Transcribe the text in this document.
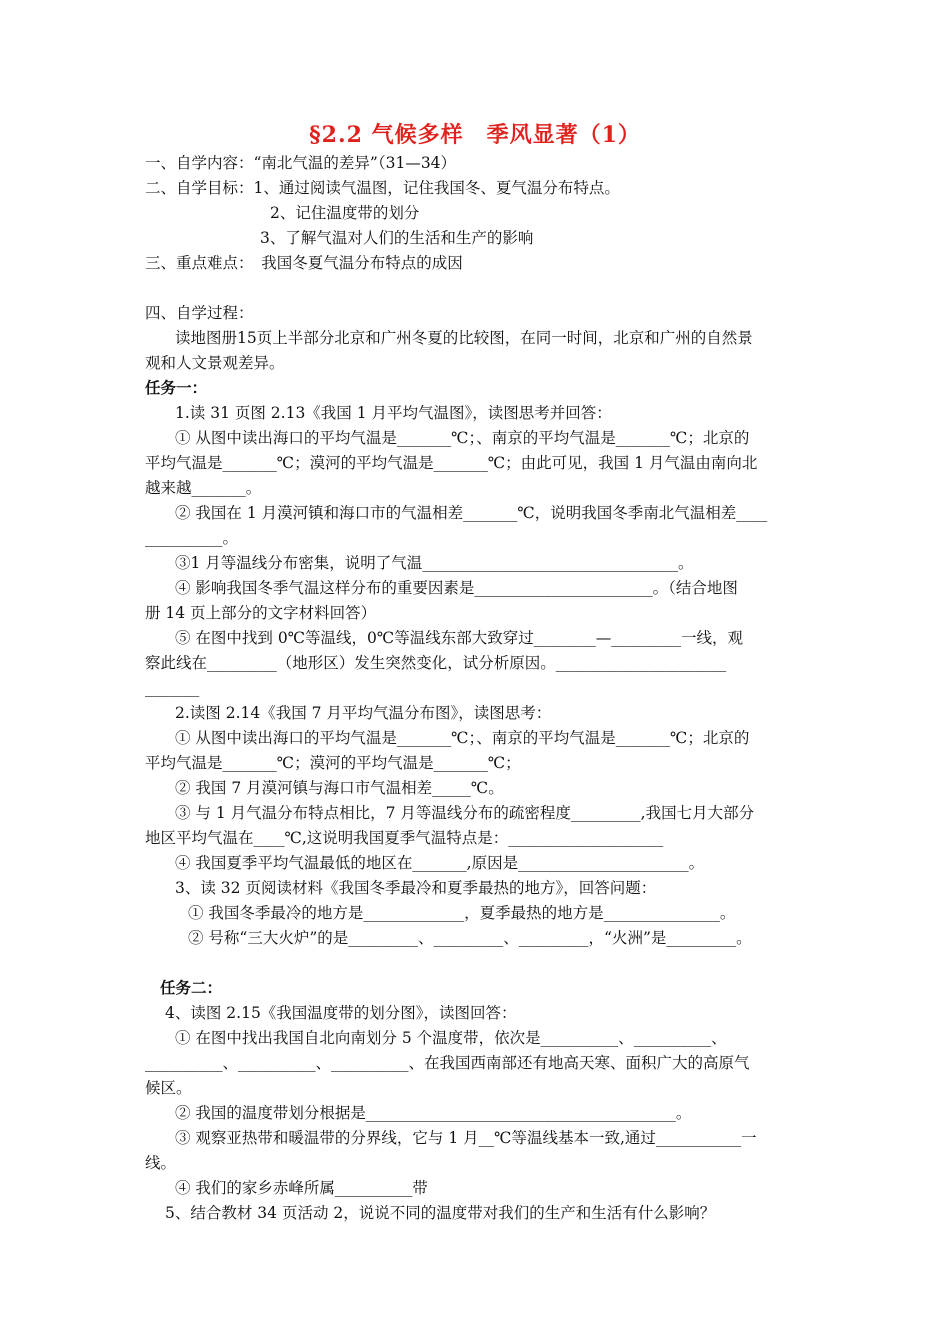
§2.2 气候多样　季风显著（1）
一、自学内容：“南北气温的差异”（31—34）
二、自学目标：1、通过阅读气温图，记住我国冬、夏气温分布特点。
2、记住温度带的划分
3、了解气温对人们的生活和生产的影响
三、重点难点：　我国冬夏气温分布特点的成因
四、自学过程：
读地图册15页上半部分北京和广州冬夏的比较图，在同一时间，北京和广州的自然景
观和人文景观差异。
任务一：
1.读 31 页图 2.13《我国 1 月平均气温图》，读图思考并回答：
① 从图中读出海口的平均气温是_______℃；、南京的平均气温是_______℃；北京的
平均气温是_______℃；漠河的平均气温是_______℃；由此可见，我国 1 月气温由南向北
越来越_______。
② 我国在 1 月漠河镇和海口市的气温相差_______℃，说明我国冬季南北气温相差____
__________。
③1 月等温线分布密集，说明了气温_________________________________。
④ 影响我国冬季气温这样分布的重要因素是_______________________。（结合地图
册 14 页上部分的文字材料回答）
⑤ 在图中找到 0℃等温线，0℃等温线东部大致穿过________—_________一线，观
察此线在_________（地形区）发生突然变化，试分析原因。______________________
_______
2.读图 2.14《我国 7 月平均气温分布图》，读图思考：
① 从图中读出海口的平均气温是_______℃；、南京的平均气温是_______℃；北京的
平均气温是_______℃；漠河的平均气温是_______℃；
② 我国 7 月漠河镇与海口市气温相差_____℃。
③ 与 1 月气温分布特点相比，7 月等温线分布的疏密程度_________,我国七月大部分
地区平均气温在____℃,这说明我国夏季气温特点是：____________________
④ 我国夏季平均气温最低的地区在_______,原因是______________________。
3、读 32 页阅读材料《我国冬季最冷和夏季最热的地方》，回答问题：
① 我国冬季最冷的地方是_____________，夏季最热的地方是_______________。
② 号称“三大火炉”的是_________、_________、_________，“火洲”是_________。
任务二：
4、读图 2.15《我国温度带的划分图》，读图回答：
① 在图中找出我国自北向南划分 5 个温度带，依次是__________、__________、
__________、__________、__________、在我国西南部还有地高天寒、面积广大的高原气
候区。
② 我国的温度带划分根据是________________________________________。
③ 观察亚热带和暖温带的分界线，它与 1 月__℃等温线基本一致,通过___________一
线。
④ 我们的家乡赤峰所属__________带
5、结合教材 34 页活动 2，说说不同的温度带对我们的生产和生活有什么影响？
